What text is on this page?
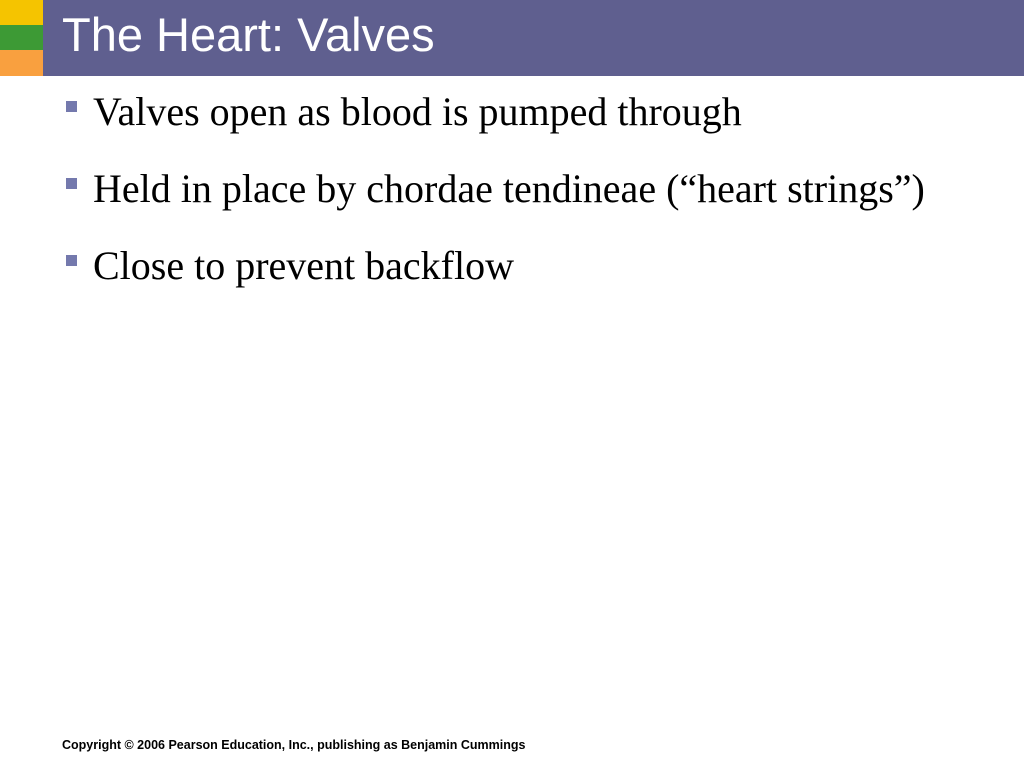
The Heart: Valves
Valves open as blood is pumped through
Held in place by chordae tendineae (“heart strings”)
Close to prevent backflow
Copyright © 2006 Pearson Education, Inc., publishing as Benjamin Cummings
